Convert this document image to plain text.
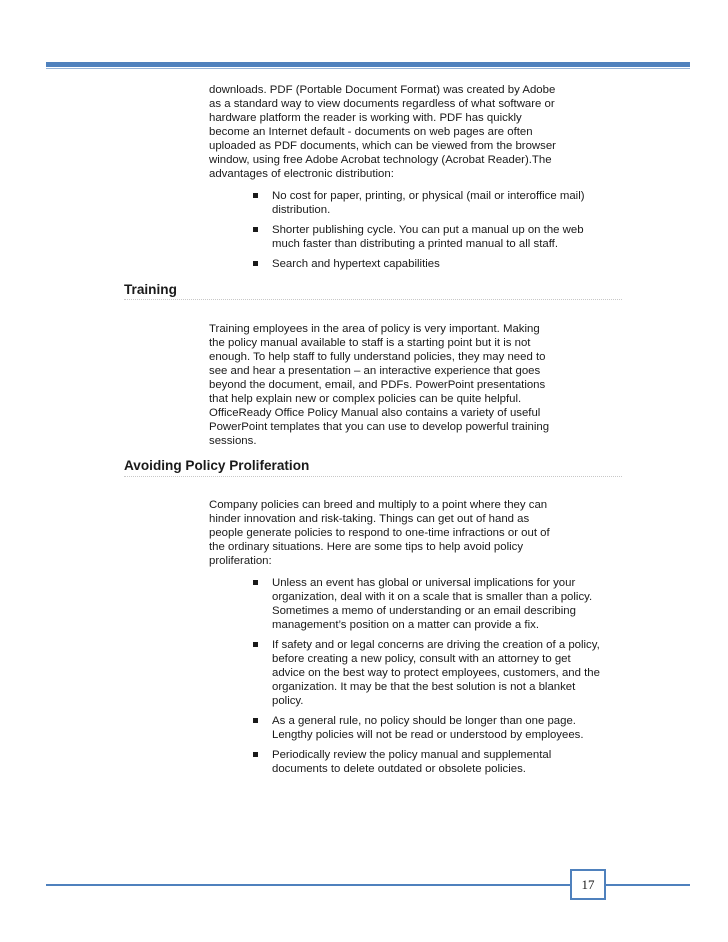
downloads. PDF (Portable Document Format) was created by Adobe
as a standard way to view documents regardless of what software or
hardware platform the reader is working with. PDF has quickly
become an Internet default - documents on web pages are often
uploaded as PDF documents, which can be viewed from the browser
window, using free Adobe Acrobat technology (Acrobat Reader).The
advantages of electronic distribution:

No cost for paper, printing, or physical (mail or interoffice mail)
distribution.
Shorter publishing cycle. You can put a manual up on the web
much faster than distributing a printed manual to all staff.
Search and hypertext capabilities
Training

Training employees in the area of policy is very important. Making
the policy manual available to staff is a starting point but it is not
enough. To help staff to fully understand policies, they may need to
see and hear a presentation – an interactive experience that goes
beyond the document, email, and PDFs. PowerPoint presentations
that help explain new or complex policies can be quite helpful.
OfficeReady Office Policy Manual also contains a variety of useful
PowerPoint templates that you can use to develop powerful training
sessions.

Avoiding Policy Proliferation

Company policies can breed and multiply to a point where they can
hinder innovation and risk-taking. Things can get out of hand as
people generate policies to respond to one-time infractions or out of
the ordinary situations. Here are some tips to help avoid policy
proliferation:

Unless an event has global or universal implications for your
organization, deal with it on a scale that is smaller than a policy.
Sometimes a memo of understanding or an email describing
management’s position on a matter can provide a fix.
If safety and or legal concerns are driving the creation of a policy,
before creating a new policy, consult with an attorney to get
advice on the best way to protect employees, customers, and the
organization. It may be that the best solution is not a blanket
policy.
As a general rule, no policy should be longer than one page.
Lengthy policies will not be read or understood by employees.
Periodically review the policy manual and supplemental
documents to delete outdated or obsolete policies.
17
